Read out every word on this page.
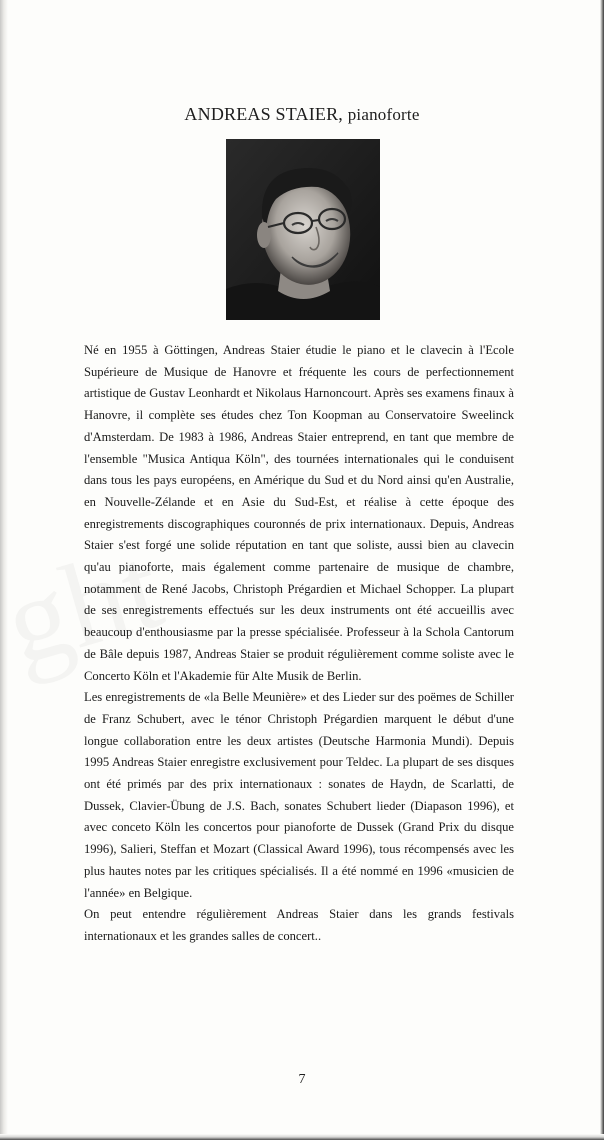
ANDREAS STAIER, pianoforte

Né en 1955 à Göttingen, Andreas Staier étudie le piano et le clavecin à l'Ecole Supérieure de Musique de Hanovre et fréquente les cours de perfectionnement artistique de Gustav Leonhardt et Nikolaus Harnoncourt. Après ses examens finaux à Hanovre, il complète ses études chez Ton Koopman au Conservatoire Sweelinck d'Amsterdam. De 1983 à 1986, Andreas Staier entreprend, en tant que membre de l'ensemble "Musica Antiqua Köln", des tournées internationales qui le conduisent dans tous les pays européens, en Amérique du Sud et du Nord ainsi qu'en Australie, en Nouvelle-Zélande et en Asie du Sud-Est, et réalise à cette époque des enregistrements discographiques couronnés de prix internationaux. Depuis, Andreas Staier s'est forgé une solide réputation en tant que soliste, aussi bien au clavecin qu'au pianoforte, mais également comme partenaire de musique de chambre, notamment de René Jacobs, Christoph Prégardien et Michael Schopper. La plupart de ses enregistrements effectués sur les deux instruments ont été accueillis avec beaucoup d'enthousiasme par la presse spécialisée. Professeur à la Schola Cantorum de Bâle depuis 1987, Andreas Staier se produit régulièrement comme soliste avec le Concerto Köln et l'Akademie für Alte Musik de Berlin.

Les enregistrements de «la Belle Meunière» et des Lieder sur des poëmes de Schiller de Franz Schubert, avec le ténor Christoph Prégardien marquent le début d'une longue collaboration entre les deux artistes (Deutsche Harmonia Mundi). Depuis 1995 Andreas Staier enregistre exclusivement pour Teldec. La plupart de ses disques ont été primés par des prix internationaux : sonates de Haydn, de Scarlatti, de Dussek, Clavier-Übung de J.S. Bach, sonates Schubert lieder (Diapason 1996), et avec conceto Köln les concertos pour pianoforte de Dussek (Grand Prix du disque 1996), Salieri, Steffan et Mozart (Classical Award 1996), tous récompensés avec les plus hautes notes par les critiques spécialisés. Il a été nommé en 1996 «musicien de l'année» en Belgique.

On peut entendre régulièrement Andreas Staier dans les grands festivals internationaux et les grandes salles de concert..

7
